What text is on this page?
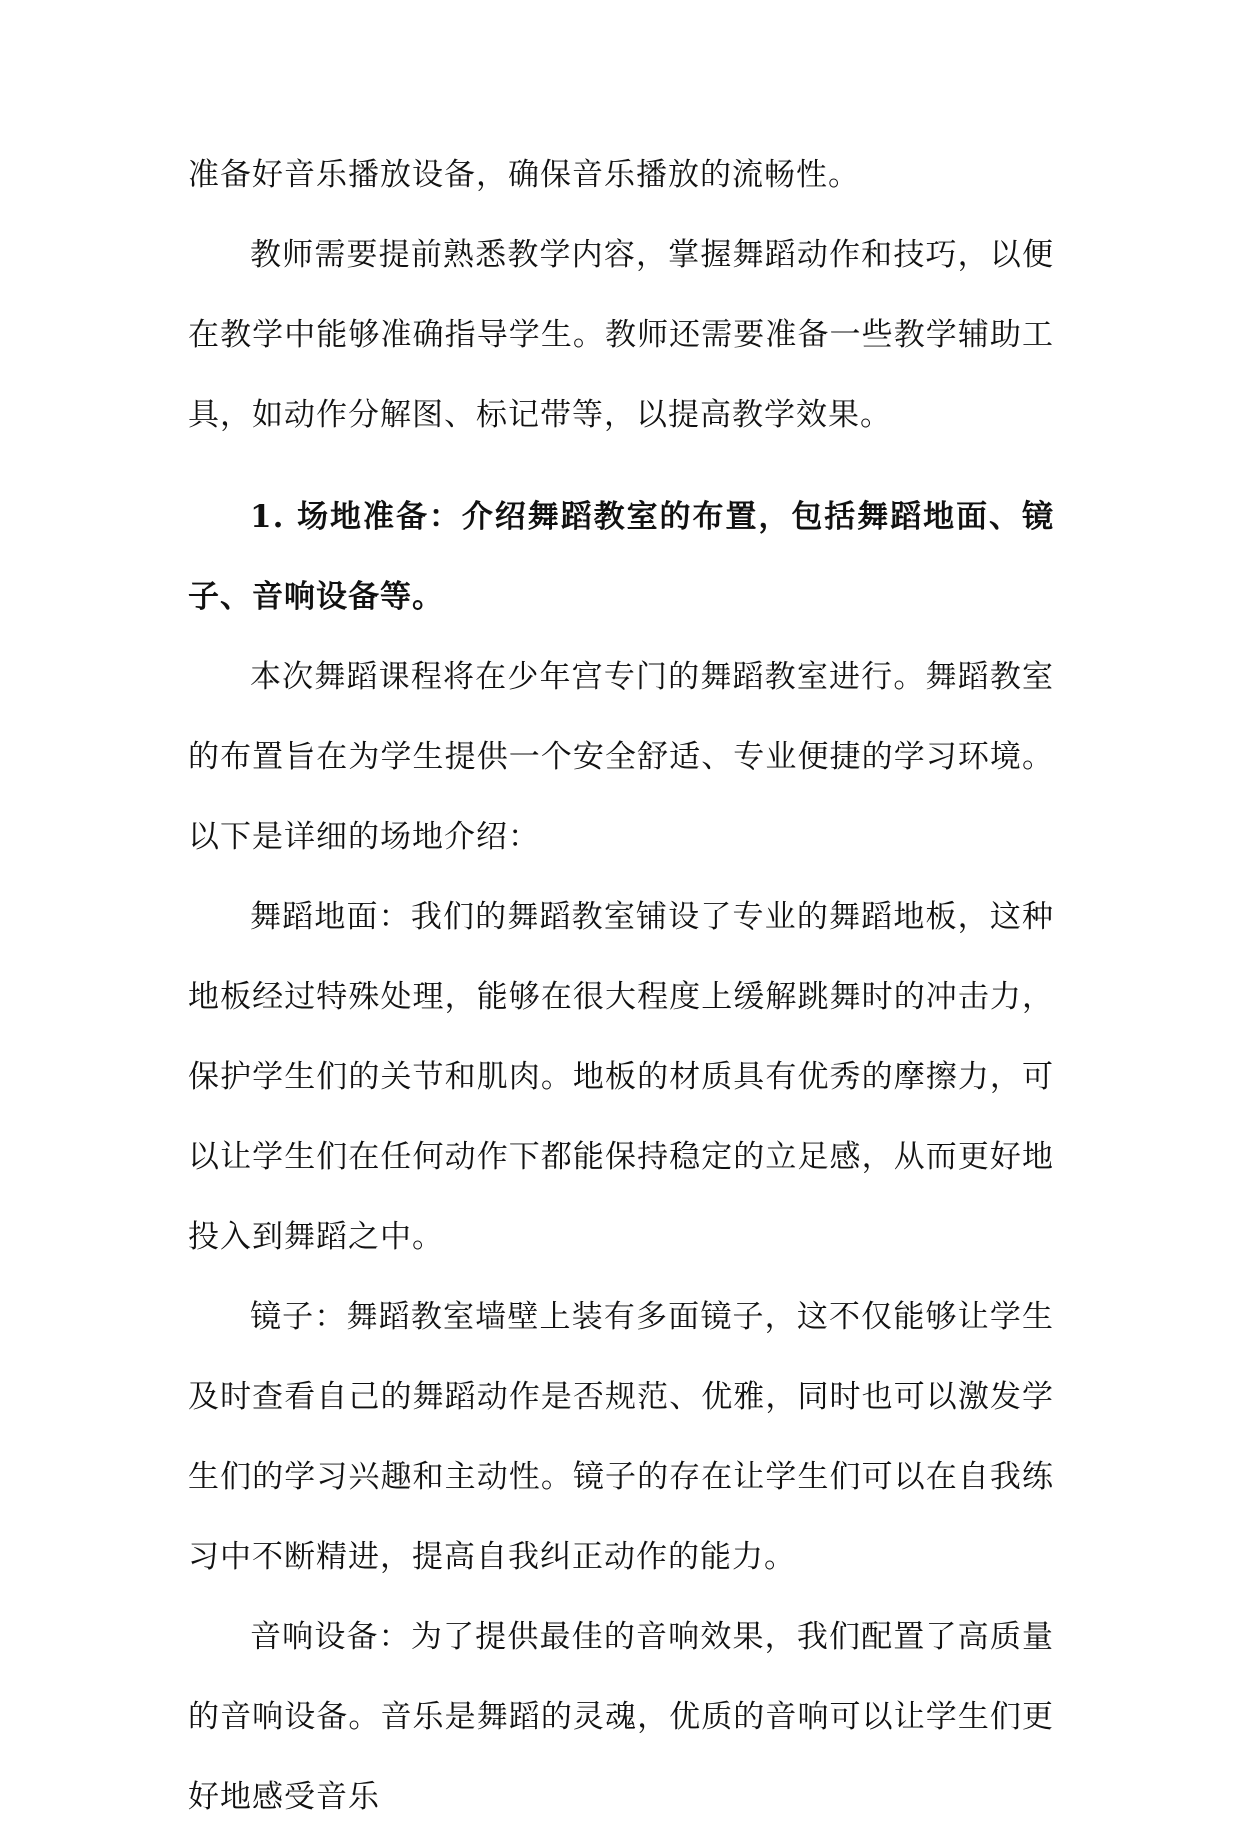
准备好音乐播放设备，确保音乐播放的流畅性。

教师需要提前熟悉教学内容，掌握舞蹈动作和技巧，以便在教学中能够准确指导学生。教师还需要准备一些教学辅助工具，如动作分解图、标记带等，以提高教学效果。

1. 场地准备：介绍舞蹈教室的布置，包括舞蹈地面、镜子、音响设备等。

本次舞蹈课程将在少年宫专门的舞蹈教室进行。舞蹈教室的布置旨在为学生提供一个安全舒适、专业便捷的学习环境。以下是详细的场地介绍：

舞蹈地面：我们的舞蹈教室铺设了专业的舞蹈地板，这种地板经过特殊处理，能够在很大程度上缓解跳舞时的冲击力，保护学生们的关节和肌肉。地板的材质具有优秀的摩擦力，可以让学生们在任何动作下都能保持稳定的立足感，从而更好地投入到舞蹈之中。

镜子：舞蹈教室墙壁上装有多面镜子，这不仅能够让学生及时查看自己的舞蹈动作是否规范、优雅，同时也可以激发学生们的学习兴趣和主动性。镜子的存在让学生们可以在自我练习中不断精进，提高自我纠正动作的能力。

音响设备：为了提供最佳的音响效果，我们配置了高质量的音响设备。音乐是舞蹈的灵魂，优质的音响可以让学生们更好地感受音乐
